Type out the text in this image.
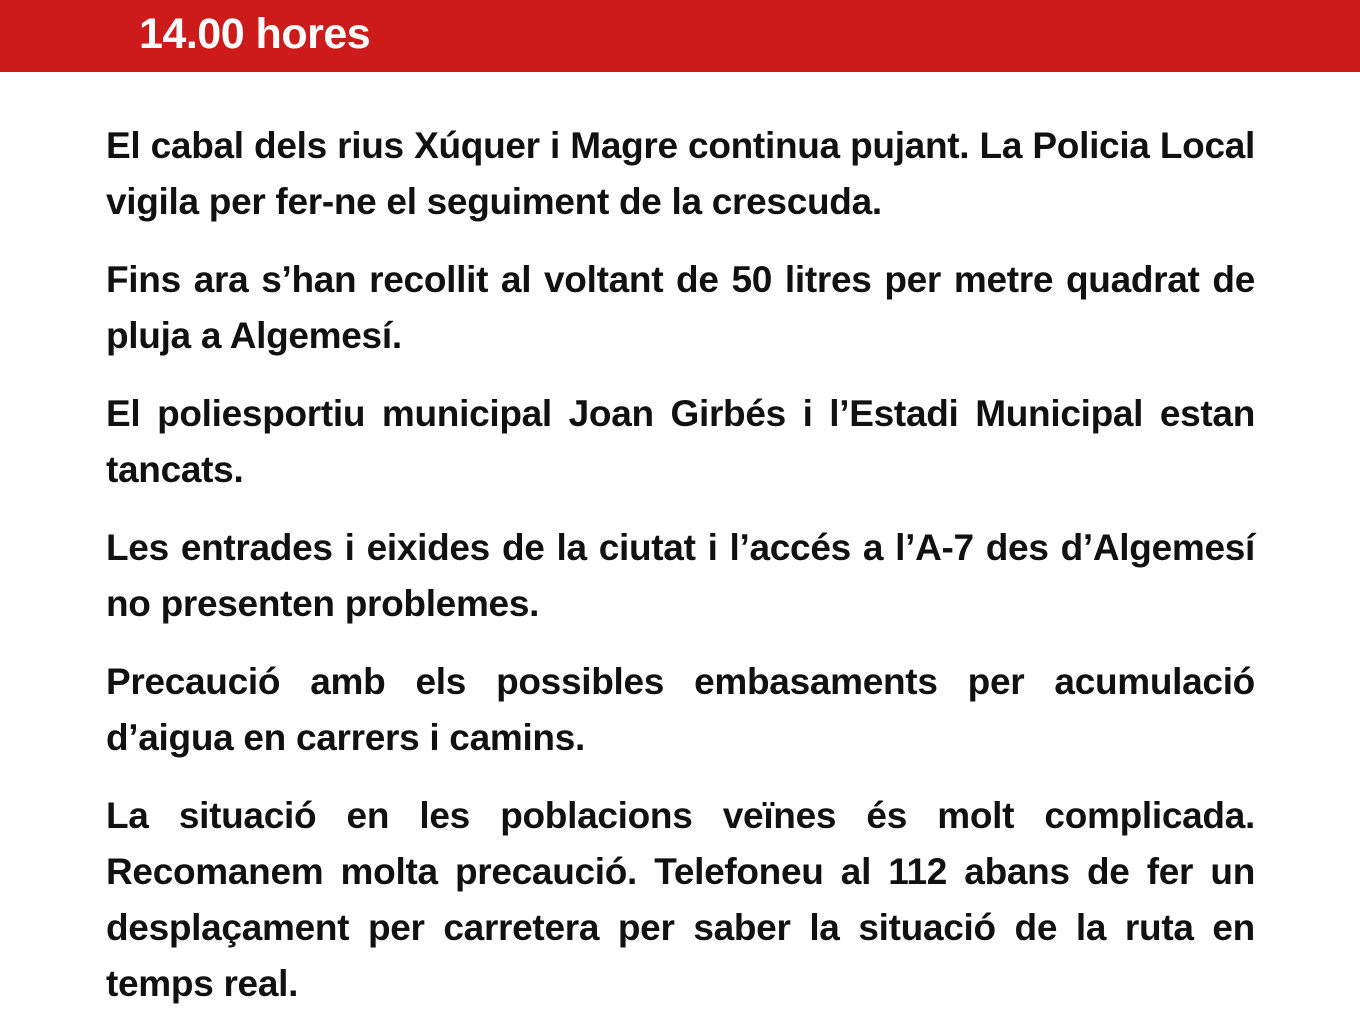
14.00 hores

El cabal dels rius Xúquer i Magre continua pujant. La Policia Local vigila per fer-ne el seguiment de la crescuda.

Fins ara s’han recollit al voltant de 50 litres per metre quadrat de pluja a Algemesí.

El poliesportiu municipal Joan Girbés i l’Estadi Municipal estan tancats.

Les entrades i eixides de la ciutat i l’accés a l’A-7 des d’Algemesí no presenten problemes.

Precaució amb els possibles embasaments per acumulació d’aigua en carrers i camins.

La situació en les poblacions veïnes és molt complicada. Recomanem molta precaució. Telefoneu al 112 abans de fer un desplaçament per carretera per saber la situació de la ruta en temps real.
